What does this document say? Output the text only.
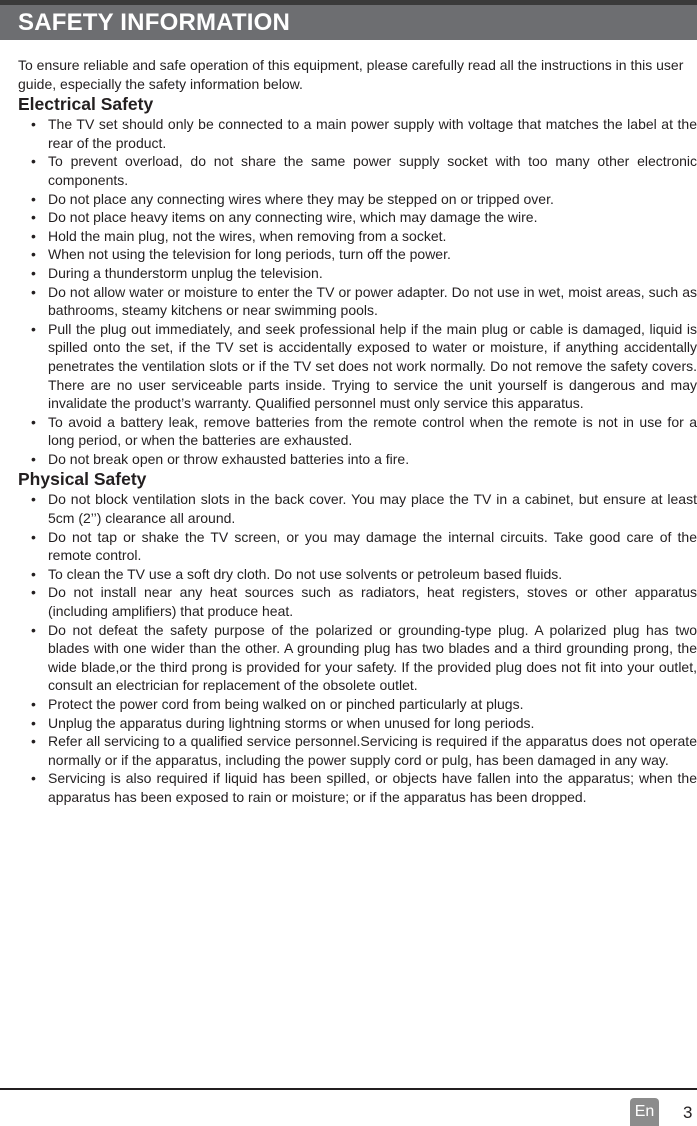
SAFETY INFORMATION

To ensure reliable and safe operation of this equipment, please carefully read all the instructions in this user guide, especially the safety information below.

Electrical Safety
• The TV set should only be connected to a main power supply with voltage that matches the label at the rear of the product.
• To prevent overload, do not share the same power supply socket with too many other electronic components.
• Do not place any connecting wires where they may be stepped on or tripped over.
• Do not place heavy items on any connecting wire, which may damage the wire.
• Hold the main plug, not the wires, when removing from a socket.
• When not using the television for long periods, turn off the power.
• During a thunderstorm unplug the television.
• Do not allow water or moisture to enter the TV or power adapter. Do not use in wet, moist areas, such as bathrooms, steamy kitchens or near swimming pools.
• Pull the plug out immediately, and seek professional help if the main plug or cable is damaged, liquid is spilled onto the set, if the TV set is accidentally exposed to water or moisture, if anything accidentally penetrates the ventilation slots or if the TV set does not work normally. Do not remove the safety covers. There are no user serviceable parts inside. Trying to service the unit yourself is dangerous and may invalidate the product’s warranty. Qualified personnel must only service this apparatus.
• To avoid a battery leak, remove batteries from the remote control when the remote is not in use for a long period, or when the batteries are exhausted.
• Do not break open or throw exhausted batteries into a fire.
Physical Safety
• Do not block ventilation slots in the back cover. You may place the TV in a cabinet, but ensure at least 5cm (2’’) clearance all around.
• Do not tap or shake the TV screen, or you may damage the internal circuits. Take good care of the remote control.
• To clean the TV use a soft dry cloth. Do not use solvents or petroleum based fluids.
• Do not install near any heat sources such as radiators, heat registers, stoves or other apparatus (including amplifiers) that produce heat.
• Do not defeat the safety purpose of the polarized or grounding-type plug. A polarized plug has two blades with one wider than the other. A grounding plug has two blades and a third grounding prong, the wide blade,or the third prong is provided for your safety. If the provided plug does not fit into your outlet, consult an electrician for replacement of the obsolete outlet.
• Protect the power cord from being walked on or pinched particularly at plugs.
• Unplug the apparatus during lightning storms or when unused for long periods.
• Refer all servicing to a qualified service personnel.Servicing is required if the apparatus does not operate normally or if the apparatus, including the power supply cord or pulg, has been damaged in any way.
• Servicing is also required if liquid has been spilled, or objects have fallen into the apparatus; when the apparatus has been exposed to rain or moisture; or if the apparatus has been dropped.
En 3
